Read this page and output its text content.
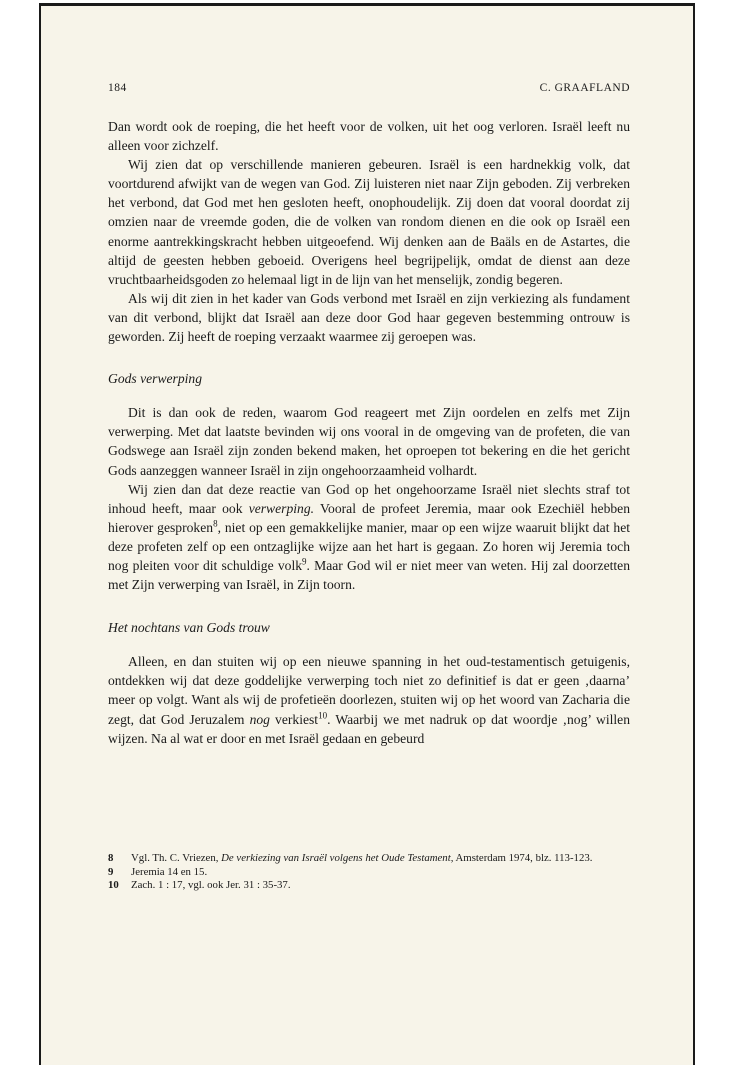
184	C. GRAAFLAND

Dan wordt ook de roeping, die het heeft voor de volken, uit het oog verloren. Israël leeft nu alleen voor zichzelf.

Wij zien dat op verschillende manieren gebeuren. Israël is een hardnekkig volk, dat voortdurend afwijkt van de wegen van God. Zij luisteren niet naar Zijn geboden. Zij verbreken het verbond, dat God met hen gesloten heeft, onophoudelijk. Zij doen dat vooral doordat zij omzien naar de vreemde goden, die de volken van rondom dienen en die ook op Israël een enorme aantrekkingskracht hebben uitgeoefend. Wij denken aan de Baäls en de Astartes, die altijd de geesten hebben geboeid. Overigens heel begrijpelijk, omdat de dienst aan deze vruchtbaarheidsgoden zo helemaal ligt in de lijn van het menselijk, zondig begeren.

Als wij dit zien in het kader van Gods verbond met Israël en zijn verkiezing als fundament van dit verbond, blijkt dat Israël aan deze door God haar gegeven bestemming ontrouw is geworden. Zij heeft de roeping verzaakt waarmee zij geroepen was.

Gods verwerping

Dit is dan ook de reden, waarom God reageert met Zijn oordelen en zelfs met Zijn verwerping. Met dat laatste bevinden wij ons vooral in de omgeving van de profeten, die van Godswege aan Israël zijn zonden bekend maken, het oproepen tot bekering en die het gericht Gods aanzeggen wanneer Israël in zijn ongehoorzaamheid volhardt.

Wij zien dan dat deze reactie van God op het ongehoorzame Israël niet slechts straf tot inhoud heeft, maar ook verwerping. Vooral de profeet Jeremia, maar ook Ezechiël hebben hierover gesproken$^8$, niet op een gemakkelijke manier, maar op een wijze waaruit blijkt dat het deze profeten zelf op een ontzaglijke wijze aan het hart is gegaan. Zo horen wij Jeremia toch nog pleiten voor dit schuldige volk$^9$. Maar God wil er niet meer van weten. Hij zal doorzetten met Zijn verwerping van Israël, in Zijn toorn.

Het nochtans van Gods trouw

Alleen, en dan stuiten wij op een nieuwe spanning in het oud-testamentisch getuigenis, ontdekken wij dat deze goddelijke verwerping toch niet zo definitief is dat er geen ‚daarna’ meer op volgt. Want als wij de profetieën doorlezen, stuiten wij op het woord van Zacharia die zegt, dat God Jeruzalem nog verkiest$^{10}$. Waarbij we met nadruk op dat woordje ‚nog’ willen wijzen. Na al wat er door en met Israël gedaan en gebeurd

8	Vgl. Th. C. Vriezen, De verkiezing van Israël volgens het Oude Testament, Amsterdam 1974, blz. 113-123.
9	Jeremia 14 en 15.
10	Zach. 1 : 17, vgl. ook Jer. 31 : 35-37.
